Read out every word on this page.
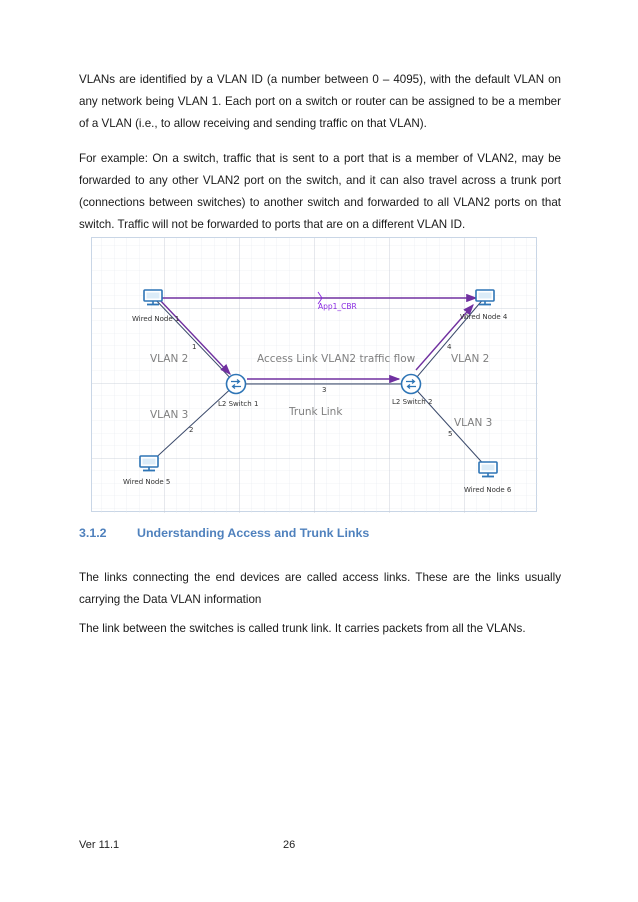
VLANs are identified by a VLAN ID (a number between 0 – 4095), with the default VLAN on
any network being VLAN 1. Each port on a switch or router can be assigned to be a member
of a VLAN (i.e., to allow receiving and sending traffic on that VLAN).
For example: On a switch, traffic that is sent to a port that is a member of VLAN2, may be
forwarded to any other VLAN2 port on the switch, and it can also travel across a trunk port
(connections between switches) to another switch and forwarded to all VLAN2 ports on that
switch. Traffic will not be forwarded to ports that are on a different VLAN ID.
Wired Node 1	Wired Node 4
Wired Node 5
Wired Node 6
L2 Switch 1	L2 Switch 2
1
2
3
4
5
App1_CBR
VLAN 2
VLAN 3
VLAN 2
VLAN 3
Access Link VLAN2 traffic flow
Trunk Link
3.1.2 Understanding Access and Trunk Links
The links connecting the end devices are called access links. These are the links usually
carrying the Data VLAN information
The link between the switches is called trunk link. It carries packets from all the VLANs.
Ver 11.1	26
